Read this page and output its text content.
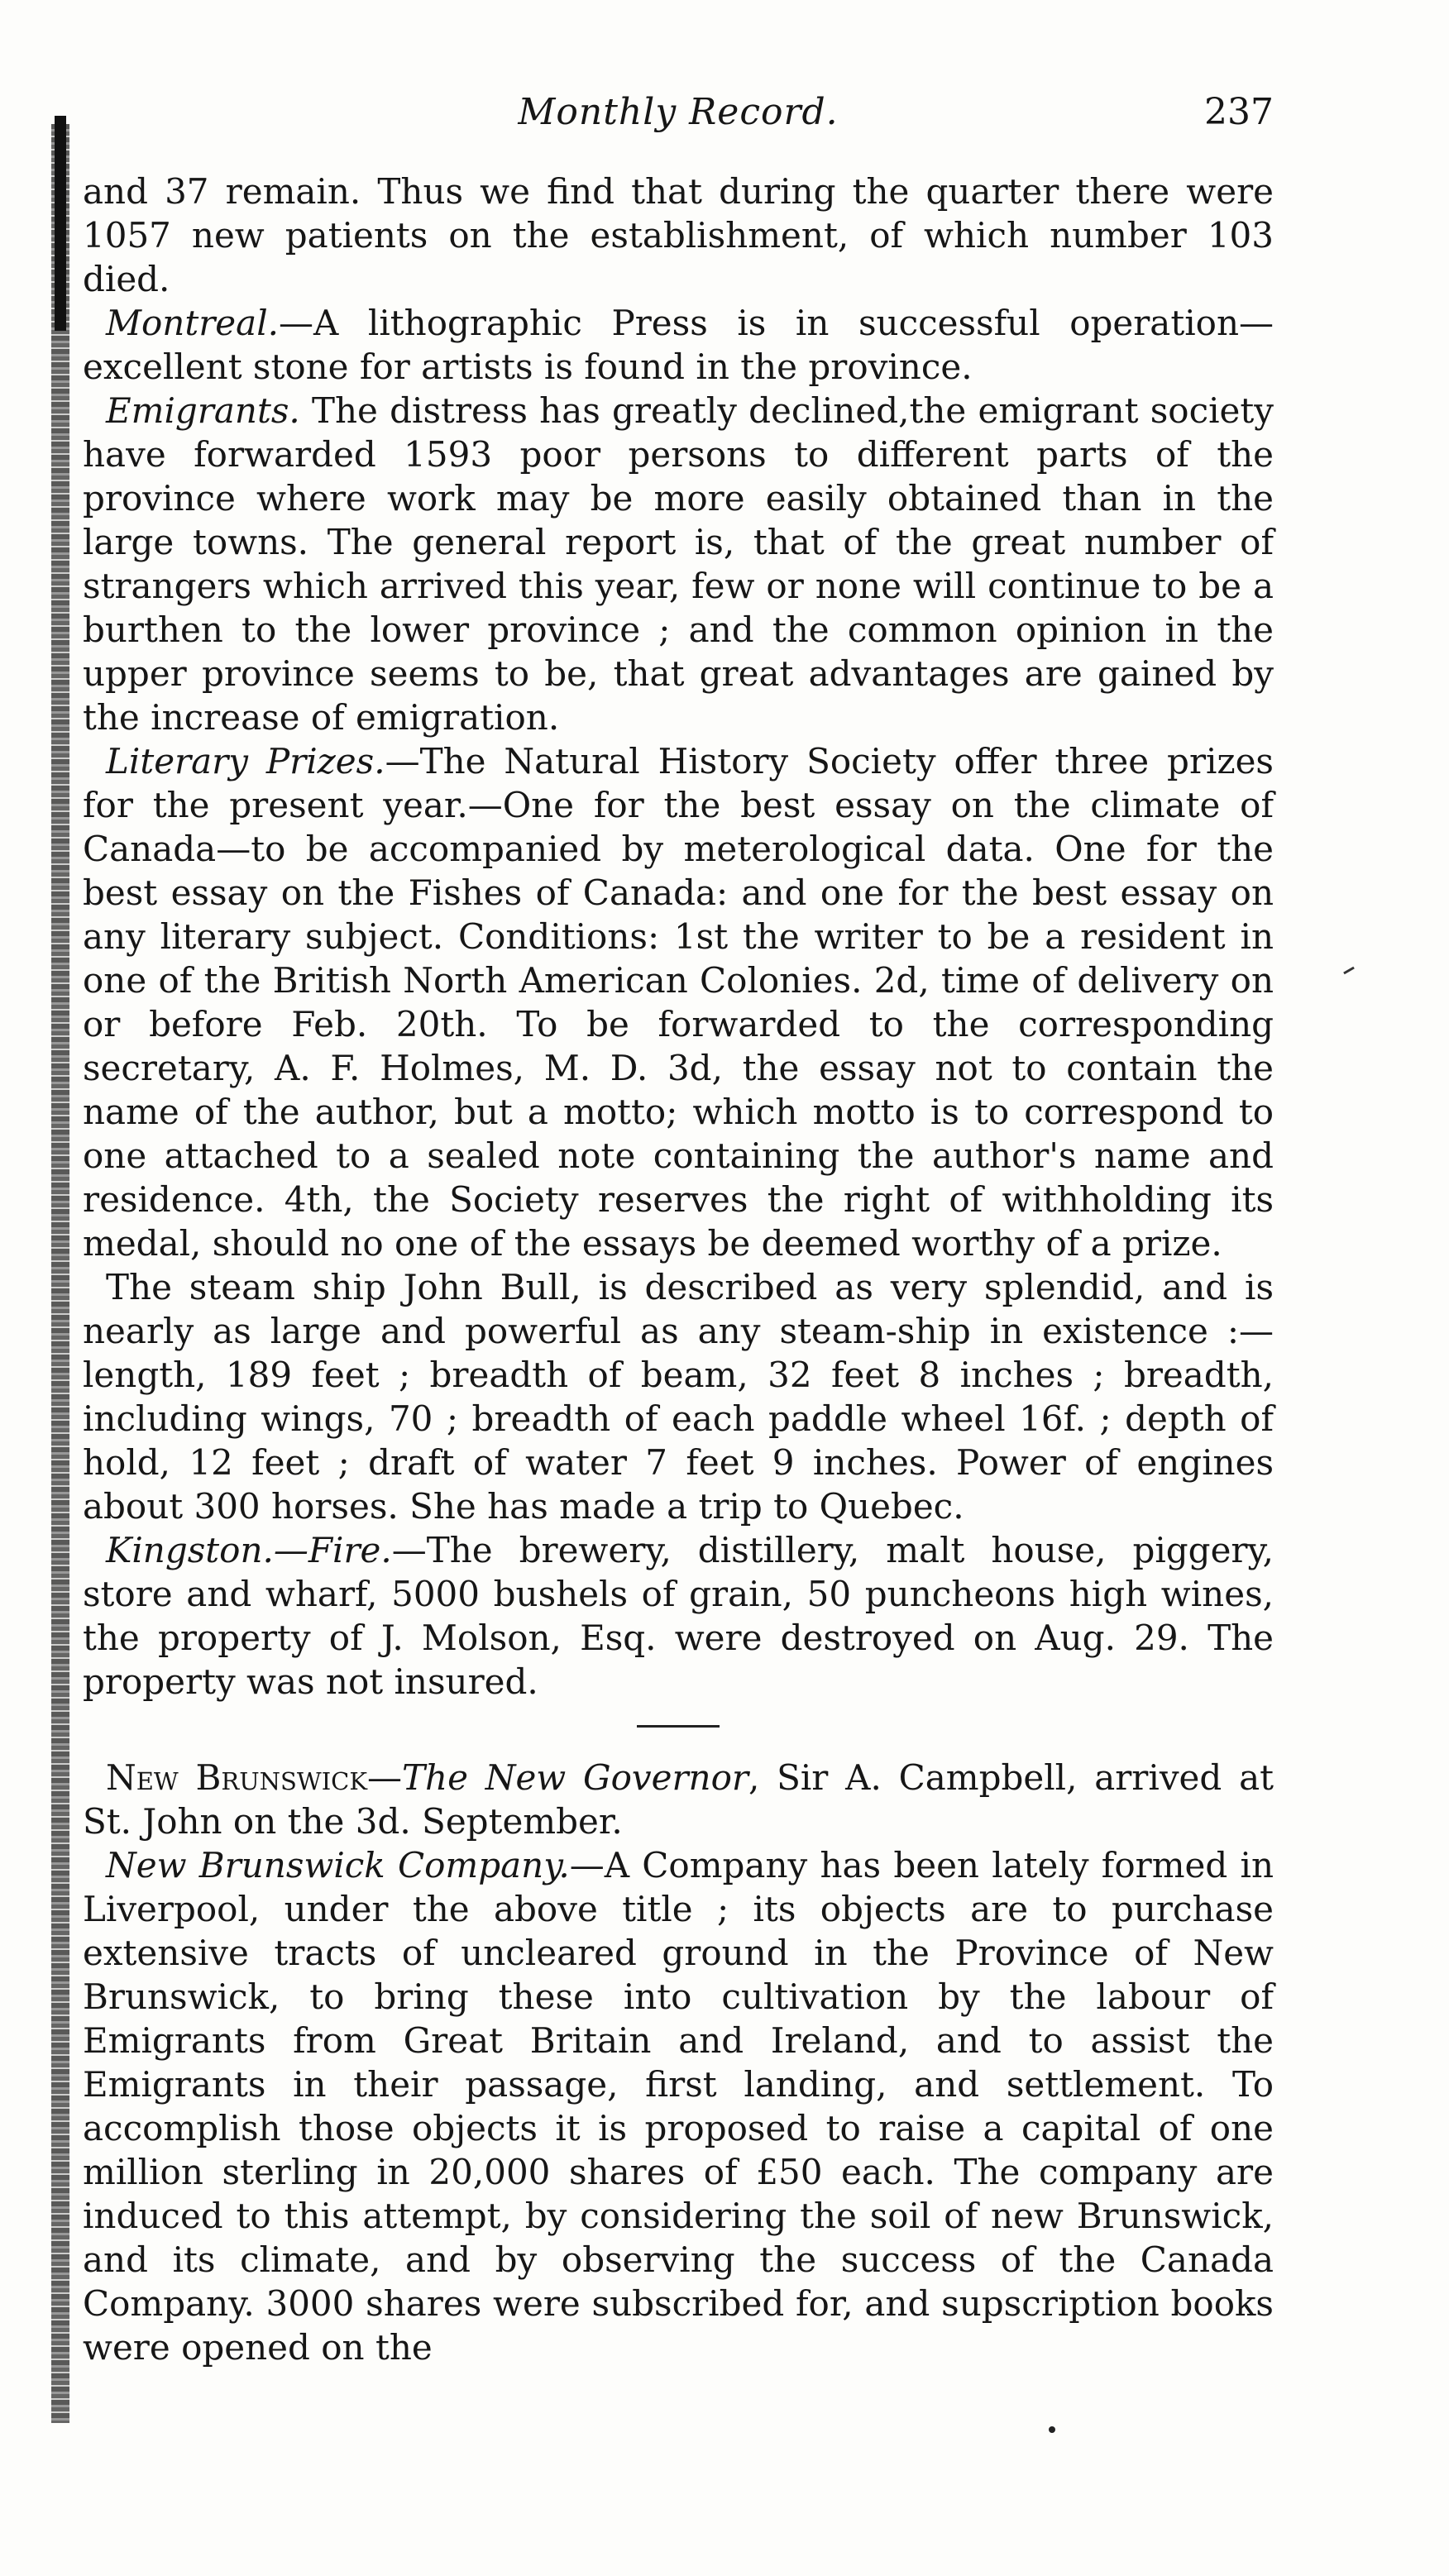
Monthly Record.	237

and 37 remain. Thus we find that during the quarter there were 1057 new patients on the establishment, of which number 103 died.

Montreal.—A lithographic Press is in successful operation—excellent stone for artists is found in the province.

Emigrants. The distress has greatly declined,the emigrant society have forwarded 1593 poor persons to different parts of the province where work may be more easily obtained than in the large towns. The general report is, that of the great number of strangers which arrived this year, few or none will continue to be a burthen to the lower province ; and the common opinion in the upper province seems to be, that great advantages are gained by the increase of emigration.

Literary Prizes.—The Natural History Society offer three prizes for the present year.—One for the best essay on the climate of Canada—to be accompanied by meterological data. One for the best essay on the Fishes of Canada: and one for the best essay on any literary subject. Conditions: 1st the writer to be a resident in one of the British North American Colonies. 2d, time of delivery on or before Feb. 20th. To be forwarded to the corresponding secretary, A. F. Holmes, M. D. 3d, the essay not to contain the name of the author, but a motto; which motto is to correspond to one attached to a sealed note containing the author's name and residence. 4th, the Society reserves the right of withholding its medal, should no one of the essays be deemed worthy of a prize.

The steam ship John Bull, is described as very splendid, and is nearly as large and powerful as any steam-ship in existence :—length, 189 feet ; breadth of beam, 32 feet 8 inches ; breadth, including wings, 70 ; breadth of each paddle wheel 16f. ; depth of hold, 12 feet ; draft of water 7 feet 9 inches. Power of engines about 300 horses. She has made a trip to Quebec.

Kingston.—Fire.—The brewery, distillery, malt house, piggery, store and wharf, 5000 bushels of grain, 50 puncheons high wines, the property of J. Molson, Esq. were destroyed on Aug. 29. The property was not insured.

New Brunswick—The New Governor, Sir A. Campbell, arrived at St. John on the 3d. September.

New Brunswick Company.—A Company has been lately formed in Liverpool, under the above title ; its objects are to purchase extensive tracts of uncleared ground in the Province of New Brunswick, to bring these into cultivation by the labour of Emigrants from Great Britain and Ireland, and to assist the Emigrants in their passage, first landing, and settlement. To accomplish those objects it is proposed to raise a capital of one million sterling in 20,000 shares of £50 each. The company are induced to this attempt, by considering the soil of new Brunswick, and its climate, and by observing the success of the Canada Company. 3000 shares were subscribed for, and supscription books were opened on the
